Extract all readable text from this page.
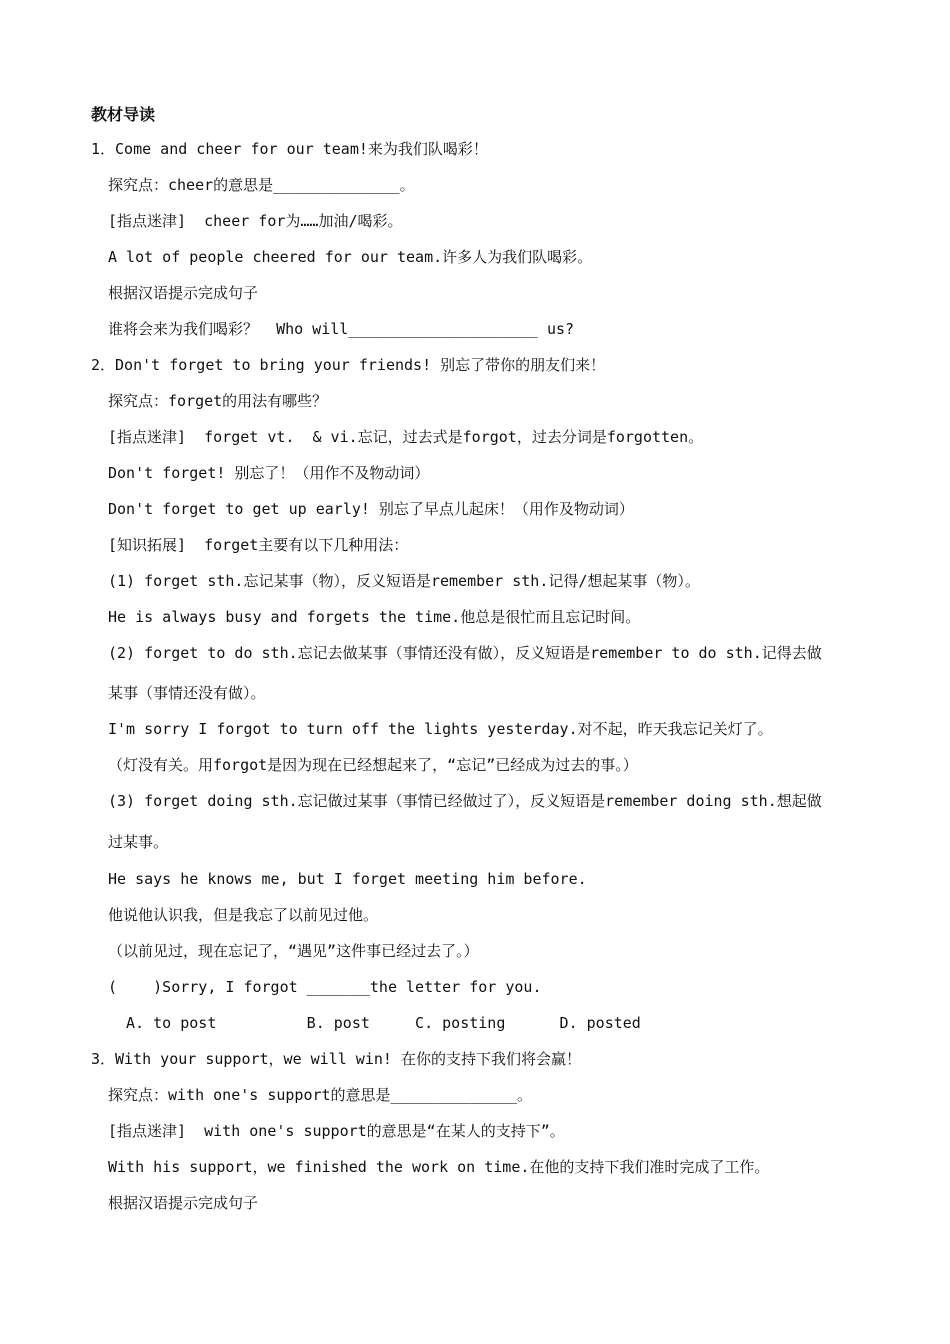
教材导读
1．Come and cheer for our team!来为我们队喝彩！
探究点：cheer的意思是______________。
[指点迷津]  cheer for为……加油/喝彩。
A lot of people cheered for our team.许多人为我们队喝彩。
根据汉语提示完成句子
谁将会来为我们喝彩？  Who will_____________________ us?
2．Don't forget to bring your friends! 别忘了带你的朋友们来！
探究点：forget的用法有哪些？
[指点迷津]  forget vt.  & vi.忘记，过去式是forgot，过去分词是forgotten。
Don't forget! 别忘了！（用作不及物动词）
Don't forget to get up early! 别忘了早点儿起床！（用作及物动词）
[知识拓展]  forget主要有以下几种用法：
(1) forget sth.忘记某事（物），反义短语是remember sth.记得/想起某事（物）。
He is always busy and forgets the time.他总是很忙而且忘记时间。
(2) forget to do sth.忘记去做某事（事情还没有做），反义短语是remember to do sth.记得去做
某事（事情还没有做）。
I'm sorry I forgot to turn off the lights yesterday.对不起，昨天我忘记关灯了。
（灯没有关。用forgot是因为现在已经想起来了，“忘记”已经成为过去的事。）
(3) forget doing sth.忘记做过某事（事情已经做过了），反义短语是remember doing sth.想起做
过某事。
He says he knows me, but I forget meeting him before.
他说他认识我，但是我忘了以前见过他。
（以前见过，现在忘记了，“遇见”这件事已经过去了。）
(    )Sorry, I forgot _______the letter for you.
A. to post          B. post     C. posting      D. posted
3．With your support，we will win! 在你的支持下我们将会赢！
探究点：with one's support的意思是______________。
[指点迷津]  with one's support的意思是“在某人的支持下”。
With his support，we finished the work on time.在他的支持下我们准时完成了工作。
根据汉语提示完成句子
